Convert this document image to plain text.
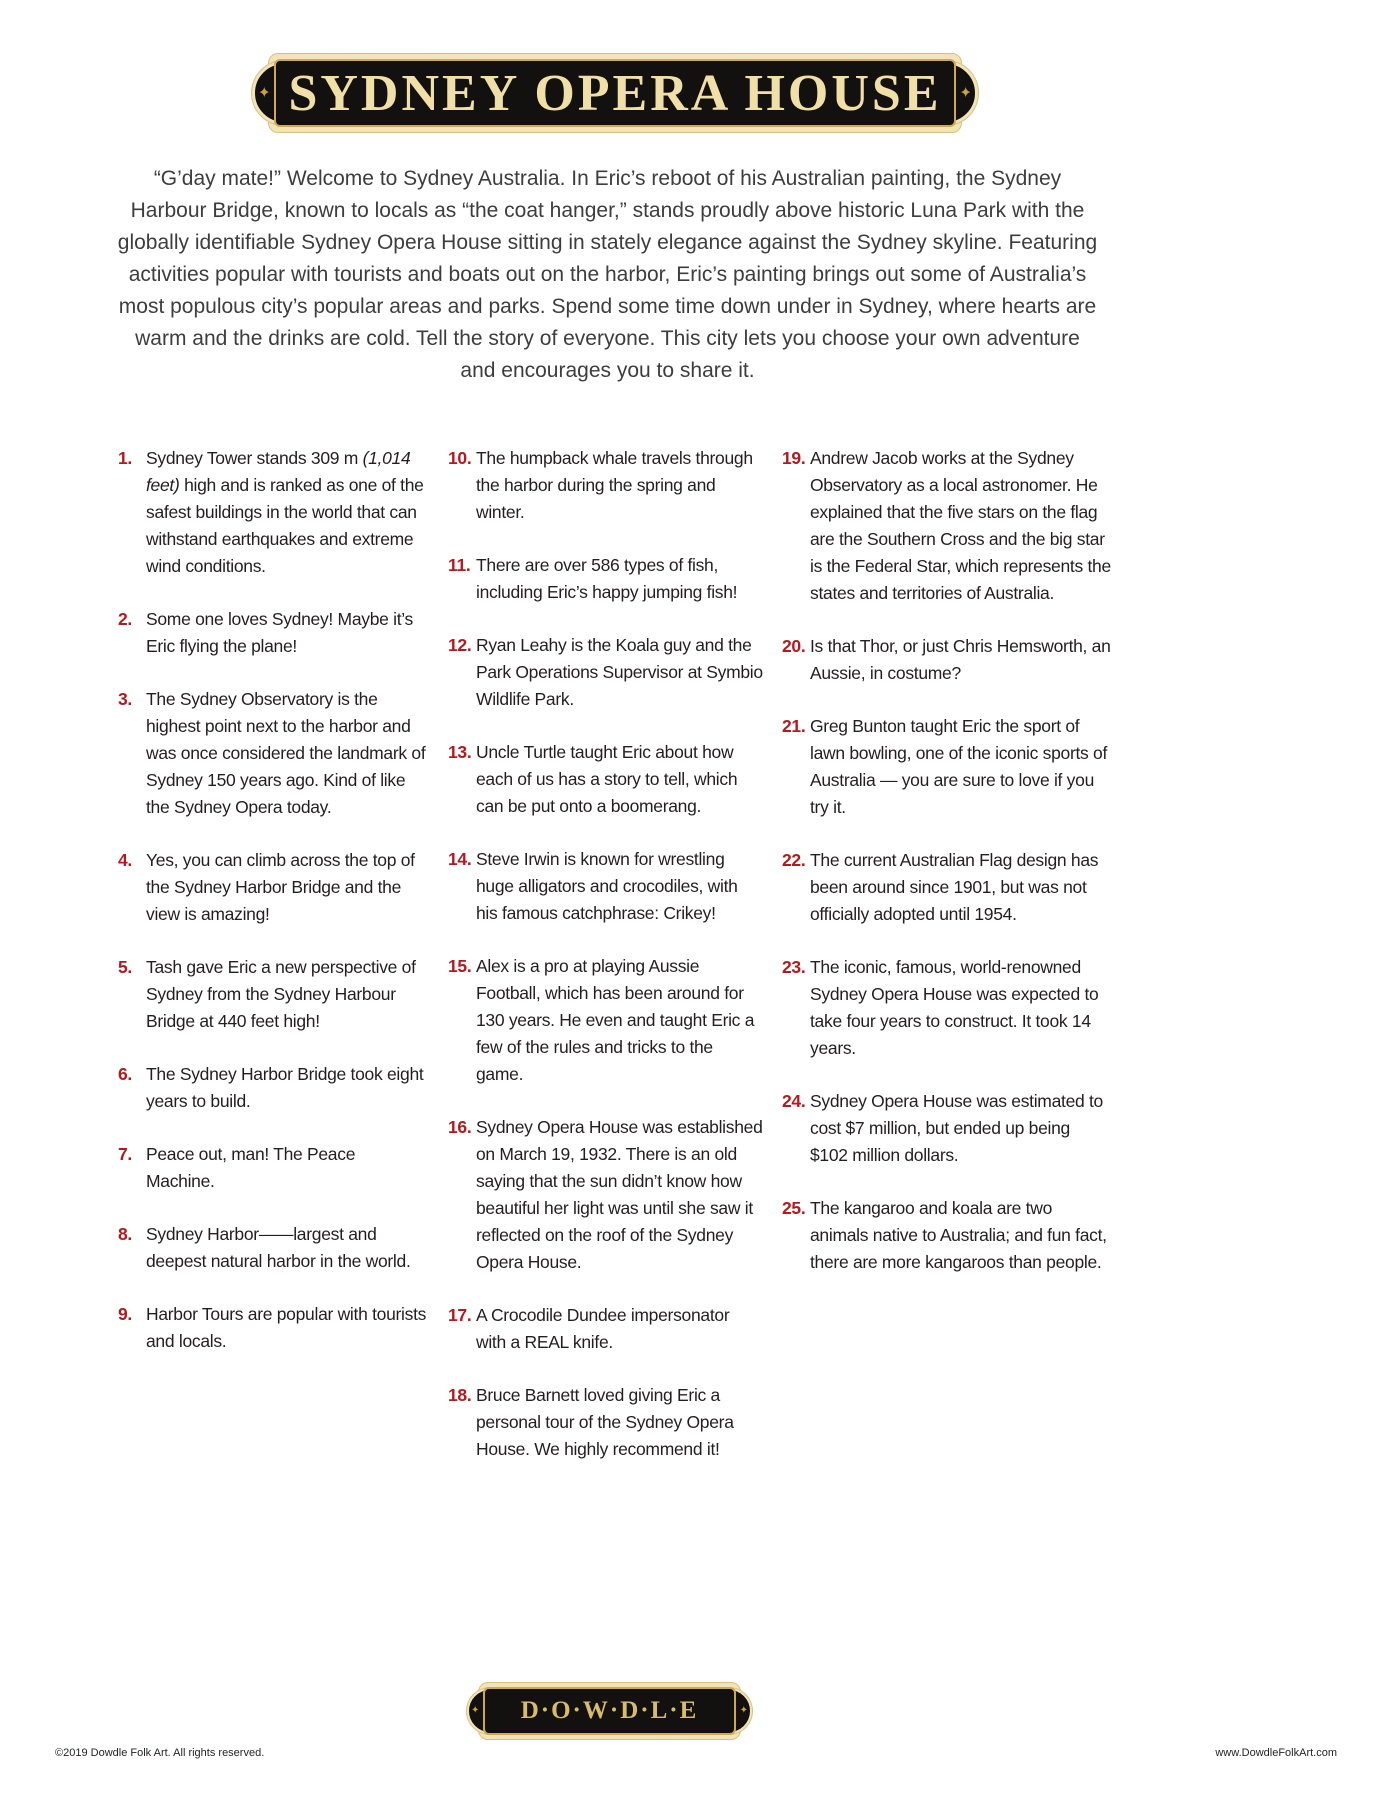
✦	✦
SYDNEY OPERA HOUSE

“G’day mate!” Welcome to Sydney Australia. In Eric’s reboot of his Australian painting, the Sydney Harbour Bridge, known to locals as “the coat hanger,” stands proudly above historic Luna Park with the globally identifiable Sydney Opera House sitting in stately elegance against the Sydney skyline. Featuring activities popular with tourists and boats out on the harbor, Eric’s painting brings out some of Australia’s most populous city’s popular areas and parks. Spend some time down under in Sydney, where hearts are warm and the drinks are cold. Tell the story of everyone. This city lets you choose your own adventure and encourages you to share it.

1. Sydney Tower stands 309 m (1,014 feet) high and is ranked as one of the safest buildings in the world that can withstand earthquakes and extreme wind conditions.
2. Some one loves Sydney! Maybe it’s Eric flying the plane!
3. The Sydney Observatory is the highest point next to the harbor and was once considered the landmark of Sydney 150 years ago. Kind of like the Sydney Opera today.
4. Yes, you can climb across the top of the Sydney Harbor Bridge and the view is amazing!
5. Tash gave Eric a new perspective of Sydney from the Sydney Harbour Bridge at 440 feet high!
6. The Sydney Harbor Bridge took eight years to build.
7. Peace out, man! The Peace Machine.
8. Sydney Harbor——largest and deepest natural harbor in the world.
9. Harbor Tours are popular with tourists and locals.
10. The humpback whale travels through the harbor during the spring and winter.
11. There are over 586 types of fish, including Eric’s happy jumping fish!
12. Ryan Leahy is the Koala guy and the Park Operations Supervisor at Symbio Wildlife Park.
13. Uncle Turtle taught Eric about how each of us has a story to tell, which can be put onto a boomerang.
14. Steve Irwin is known for wrestling huge alligators and crocodiles, with his famous catchphrase: Crikey!
15. Alex is a pro at playing Aussie Football, which has been around for 130 years. He even and taught Eric a few of the rules and tricks to the game.
16. Sydney Opera House was established on March 19, 1932. There is an old saying that the sun didn’t know how beautiful her light was until she saw it reflected on the roof of the Sydney Opera House.
17. A Crocodile Dundee impersonator with a REAL knife.
18. Bruce Barnett loved giving Eric a personal tour of the Sydney Opera House. We highly recommend it!
19. Andrew Jacob works at the Sydney Observatory as a local astronomer. He explained that the five stars on the flag are the Southern Cross and the big star is the Federal Star, which represents the states and territories of Australia.
20. Is that Thor, or just Chris Hemsworth, an Aussie, in costume?
21. Greg Bunton taught Eric the sport of lawn bowling, one of the iconic sports of Australia — you are sure to love if you try it.
22. The current Australian Flag design has been around since 1901, but was not officially adopted until 1954.
23. The iconic, famous, world-renowned Sydney Opera House was expected to take four years to construct. It took 14 years.
24. Sydney Opera House was estimated to cost $7 million, but ended up being $102 million dollars.
25. The kangaroo and koala are two animals native to Australia; and fun fact, there are more kangaroos than people.
✦	✦
D·O·W·D·L·E
©2019 Dowdle Folk Art. All rights reserved.	www.DowdleFolkArt.com
